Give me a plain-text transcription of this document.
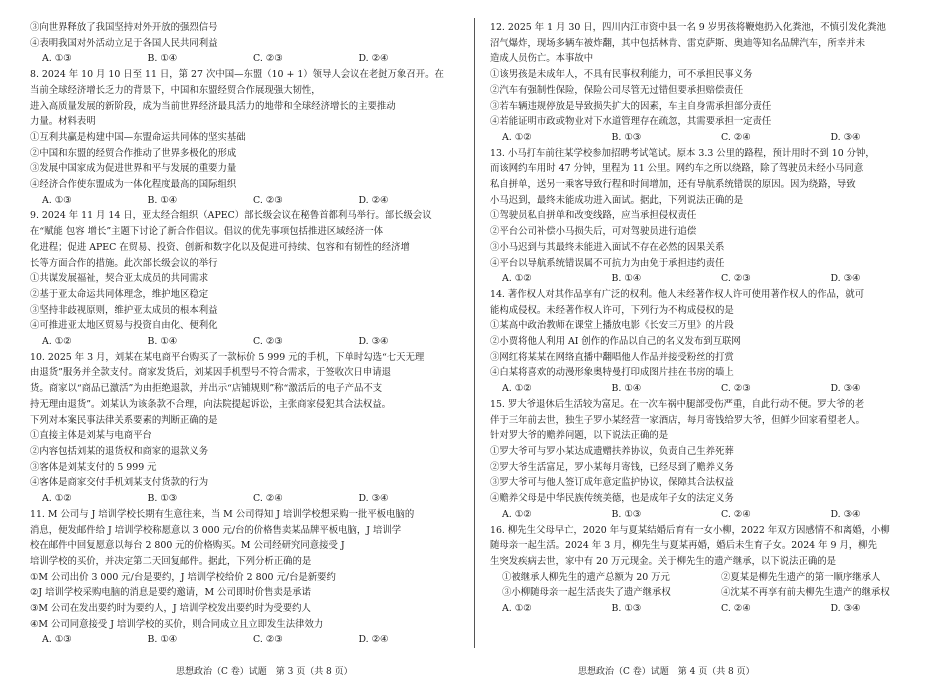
③向世界释放了我国坚持对外开放的强烈信号
④表明我国对外活动立足于各国人民共同利益
A. ①③	B. ①④	C. ②③	D. ②④
8. 2024 年 10 月 10 日至 11 日，第 27 次中国—东盟（10 + 1）领导人会议在老挝万象召开。在
当前全球经济增长乏力的背景下，中国和东盟经贸合作展现强大韧性，
进入高质量发展的新阶段，成为当前世界经济最具活力的地带和全球经济增长的主要推动
力量。材料表明
①互利共赢是构建中国—东盟命运共同体的坚实基础
②中国和东盟的经贸合作推动了世界多极化的形成
③发展中国家成为促进世界和平与发展的重要力量
④经济合作使东盟成为一体化程度最高的国际组织
A. ①③	B. ①④	C. ②③	D. ②④
9. 2024 年 11 月 14 日，亚太经合组织（APEC）部长级会议在秘鲁首都利马举行。部长级会议
在“赋能 包容 增长”主题下讨论了新合作倡议。倡议的优先事项包括推进区域经济一体
化进程；促进 APEC 在贸易、投资、创新和数字化以及促进可持续、包容和有韧性的经济增
长等方面合作的措施。此次部长级会议的举行
①共谋发展福祉，契合亚太成员的共同需求
②基于亚太命运共同体理念，维护地区稳定
③坚持非歧视原则，维护亚太成员的根本利益
④可推进亚太地区贸易与投资自由化、便利化
A. ①②	B. ①④	C. ②③	D. ③④
10. 2025 年 3 月，刘某在某电商平台购买了一款标价 5 999 元的手机，下单时勾选“七天无理
由退货”服务并全款支付。商家发货后，刘某因手机型号不符合需求，于签收次日申请退
货。商家以“商品已激活”为由拒绝退款，并出示“店铺规则”称“激活后的电子产品不支
持无理由退货”。刘某认为该条款不合理，向法院提起诉讼，主张商家侵犯其合法权益。
下列对本案民事法律关系要素的判断正确的是
①直接主体是刘某与电商平台
②内容包括刘某的退货权和商家的退款义务
③客体是刘某支付的 5 999 元
④客体是商家交付手机刘某支付货款的行为
A. ①②	B. ①③	C. ②④	D. ③④
11. M 公司与 J 培训学校长期有生意往来，当 M 公司得知 J 培训学校想采购一批平板电脑的
消息，便发邮件给 J 培训学校称愿意以 3 000 元/台的价格售卖某品牌平板电脑，J 培训学
校在邮件中回复愿意以每台 2 800 元的价格购买。M 公司经研究同意接受 J
培训学校的买价，并决定第二天回复邮件。据此，下列分析正确的是
①M 公司出价 3 000 元/台是要约，J 培训学校给价 2 800 元/台是新要约
②J 培训学校采购电脑的消息是要约邀请，M 公司即时价售卖是承诺
③M 公司在发出要约时为要约人，J 培训学校发出要约时为受要约人
④M 公司同意接受 J 培训学校的买价，则合同成立且立即发生法律效力
A. ①③	B. ①④	C. ②③	D. ②④
12. 2025 年 1 月 30 日，四川内江市资中县一名 9 岁男孩将鞭炮扔入化粪池，不慎引发化粪池
沼气爆炸，现场多辆车被炸翻，其中包括林肯、雷克萨斯、奥迪等知名品牌汽车，所幸并未
造成人员伤亡。本事故中
①该男孩是未成年人，不具有民事权利能力，可不承担民事义务
②汽车有强制性保险，保险公司尽管无过错但要承担赔偿责任
③若车辆违规停放是导致损失扩大的因素，车主自身需承担部分责任
④若能证明市政或物业对下水道管理存在疏忽，其需要承担一定责任
A. ①②	B. ①③	C. ②④	D. ③④
13. 小马打车前往某学校参加招聘考试笔试。原本 3.3 公里的路程，预计用时不到 10 分钟，
而该网约车用时 47 分钟，里程为 11 公里。网约车之所以绕路，除了驾驶员未经小马同意
私自拼单，送另一乘客导致行程和时间增加，还有导航系统错误的原因。因为绕路，导致
小马迟到，最终未能成功进入面试。据此，下列说法正确的是
①驾驶员私自拼单和改变线路，应当承担侵权责任
②平台公司补偿小马损失后，可对驾驶员进行追偿
③小马迟到与其最终未能进入面试不存在必然的因果关系
④平台以导航系统错误属不可抗力为由免于承担违约责任
A. ①②	B. ①④	C. ②③	D. ③④
14. 著作权人对其作品享有广泛的权利。他人未经著作权人许可使用著作权人的作品，就可
能构成侵权。未经著作权人许可，下列行为不构成侵权的是
①某高中政治教师在课堂上播放电影《长安三万里》的片段
②小贾将他人利用 AI 创作的作品以自己的名义发布到互联网
③网红将某某在网络直播中翻唱他人作品并接受粉丝的打赏
④白某将喜欢的动漫形象奥特曼打印成图片挂在书房的墙上
A. ①②	B. ①④	C. ②③	D. ③④
15. 罗大爷退休后生活较为富足。在一次车祸中腿部受伤严重，自此行动不便。罗大爷的老
伴于三年前去世，独生子罗小某经营一家酒店，每月寄钱给罗大爷，但鲜少回家看望老人。
针对罗大爷的赡养问题，以下说法正确的是
①罗大爷可与罗小某达成遗赠扶养协议，负责自己生养死葬
②罗大爷生活富足，罗小某每月寄钱，已经尽到了赡养义务
③罗大爷可与他人签订成年意定监护协议，保障其合法权益
④赡养父母是中华民族传统美德，也是成年子女的法定义务
A. ①②	B. ①③	C. ②④	D. ③④
16. 柳先生父母早亡，2020 年与夏某结婚后育有一女小柳，2022 年双方因感情不和离婚，小柳
随母亲一起生活。2024 年 3 月，柳先生与夏某再婚，婚后未生育子女。2024 年 9 月，柳先
生突发疾病去世，家中有 20 万元现金。关于柳先生的遗产继承，以下说法正确的是
①被继承人柳先生的遗产总额为 20 万元	②夏某是柳先生遗产的第一顺序继承人
③小柳随母亲一起生活丧失了遗产继承权	④沈某不再享有前夫柳先生遗产的继承权
A. ①②	B. ①③	C. ②④	D. ③④
思想政治（C 卷）试题　第 3 页（共 8 页）	思想政治（C 卷）试题　第 4 页（共 8 页）
